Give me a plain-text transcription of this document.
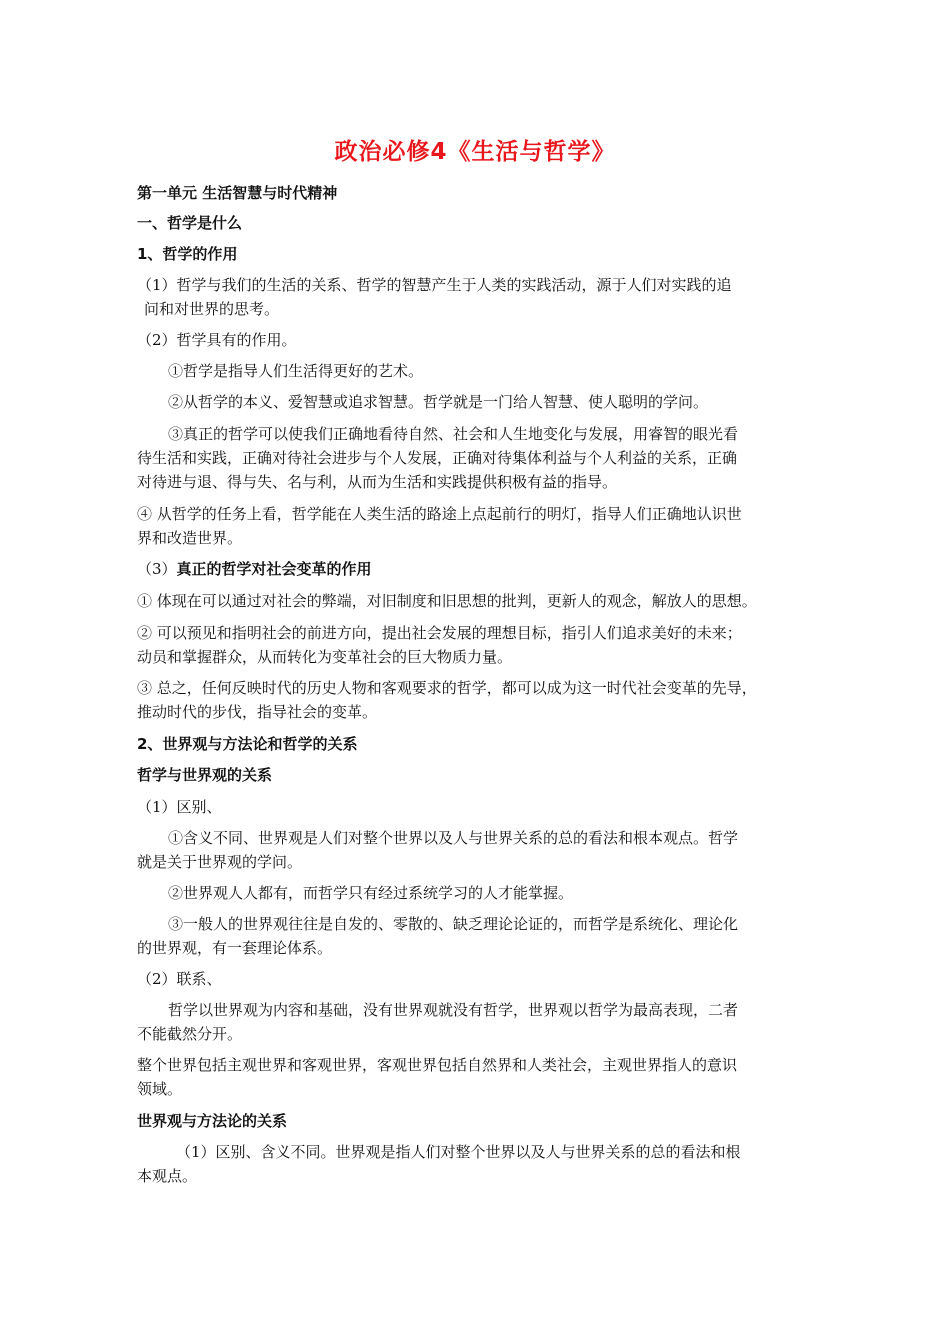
政治必修4《生活与哲学》
第一单元 生活智慧与时代精神
一、哲学是什么
1、哲学的作用
（1）哲学与我们的生活的关系、哲学的智慧产生于人类的实践活动，源于人们对实践的追
问和对世界的思考。
（2）哲学具有的作用。
①哲学是指导人们生活得更好的艺术。
②从哲学的本义、爱智慧或追求智慧。哲学就是一门给人智慧、使人聪明的学问。
③真正的哲学可以使我们正确地看待自然、社会和人生地变化与发展，用睿智的眼光看
待生活和实践，正确对待社会进步与个人发展，正确对待集体利益与个人利益的关系，正确
对待进与退、得与失、名与利，从而为生活和实践提供积极有益的指导。
④ 从哲学的任务上看，哲学能在人类生活的路途上点起前行的明灯，指导人们正确地认识世
界和改造世界。
（3）真正的哲学对社会变革的作用
① 体现在可以通过对社会的弊端，对旧制度和旧思想的批判，更新人的观念，解放人的思想。
② 可以预见和指明社会的前进方向，提出社会发展的理想目标，指引人们追求美好的未来；
动员和掌握群众，从而转化为变革社会的巨大物质力量。
③ 总之，任何反映时代的历史人物和客观要求的哲学，都可以成为这一时代社会变革的先导，
推动时代的步伐，指导社会的变革。
2、世界观与方法论和哲学的关系
哲学与世界观的关系
（1）区别、
①含义不同、世界观是人们对整个世界以及人与世界关系的总的看法和根本观点。哲学
就是关于世界观的学问。
②世界观人人都有，而哲学只有经过系统学习的人才能掌握。
③一般人的世界观往往是自发的、零散的、缺乏理论论证的，而哲学是系统化、理论化
的世界观，有一套理论体系。
（2）联系、
哲学以世界观为内容和基础，没有世界观就没有哲学，世界观以哲学为最高表现，二者
不能截然分开。
整个世界包括主观世界和客观世界，客观世界包括自然界和人类社会，主观世界指人的意识
领域。
世界观与方法论的关系
（1）区别、含义不同。世界观是指人们对整个世界以及人与世界关系的总的看法和根
本观点。
